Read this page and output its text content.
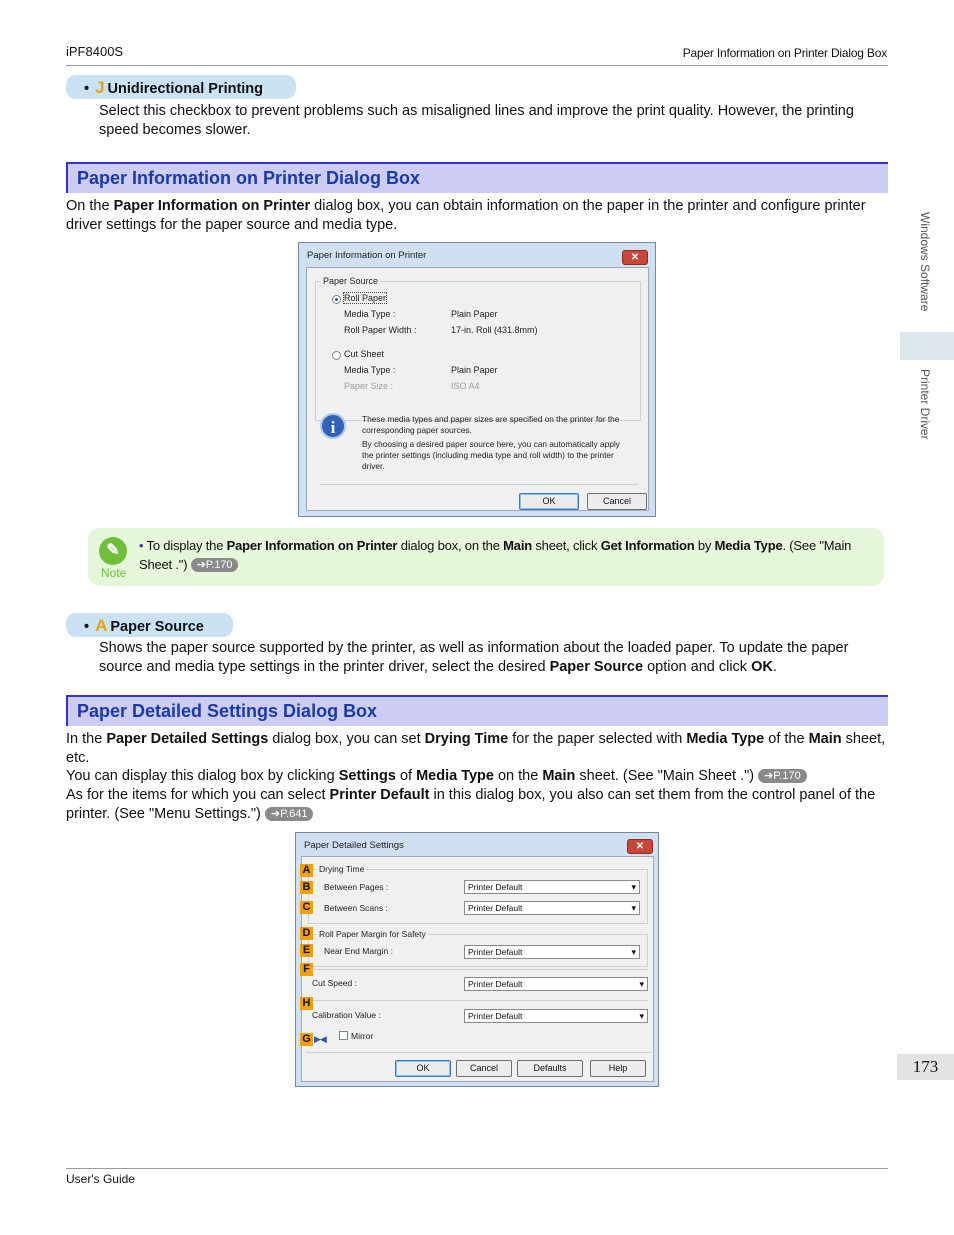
iPF8400S	Paper Information on Printer Dialog Box
Windows Software
Printer Driver
• J Unidirectional Printing
Select this checkbox to prevent problems such as misaligned lines and improve the print quality. However, the printing speed becomes slower.
Paper Information on Printer Dialog Box
On the Paper Information on Printer dialog box, you can obtain information on the paper in the printer and configure printer driver settings for the paper source and media type.
Paper Information on Printer	✕
Paper Source
Roll Paper
Media Type :	Plain Paper
Roll Paper Width :	17-in. Roll (431.8mm)
Cut Sheet
Media Type :	Plain Paper
Paper Size :	ISO A4
i	These media types and paper sizes are specified on the printer for the
corresponding paper sources.
By choosing a desired paper source here, you can automatically apply
the printer settings (including media type and roll width) to the printer
driver.
OK	Cancel
✎
Note
• To display the Paper Information on Printer dialog box, on the Main sheet, click Get Information by Media Type. (See "Main Sheet .") ➔P.170
• A Paper Source
Shows the paper source supported by the printer, as well as information about the loaded paper. To update the paper source and media type settings in the printer driver, select the desired Paper Source option and click OK.
Paper Detailed Settings Dialog Box
In the Paper Detailed Settings dialog box, you can set Drying Time for the paper selected with Media Type of the Main sheet, etc.
You can display this dialog box by clicking Settings of Media Type on the Main sheet. (See "Main Sheet .") ➔P.170
As for the items for which you can select Printer Default in this dialog box, you also can set them from the control panel of the printer. (See "Menu Settings.") ➔P.641
Paper Detailed Settings	✕
A Drying Time
B Between Pages :	Printer Default ▾
C Between Scans :	Printer Default ▾
D Roll Paper Margin for Safety
E	Near End Margin :	Printer Default ▾
F
Cut Speed :	Printer Default ▾
H
Calibration Value :	Printer Default ▾
G ▶◀	Mirror
OK	Cancel	Defaults	Help	173
User's Guide
